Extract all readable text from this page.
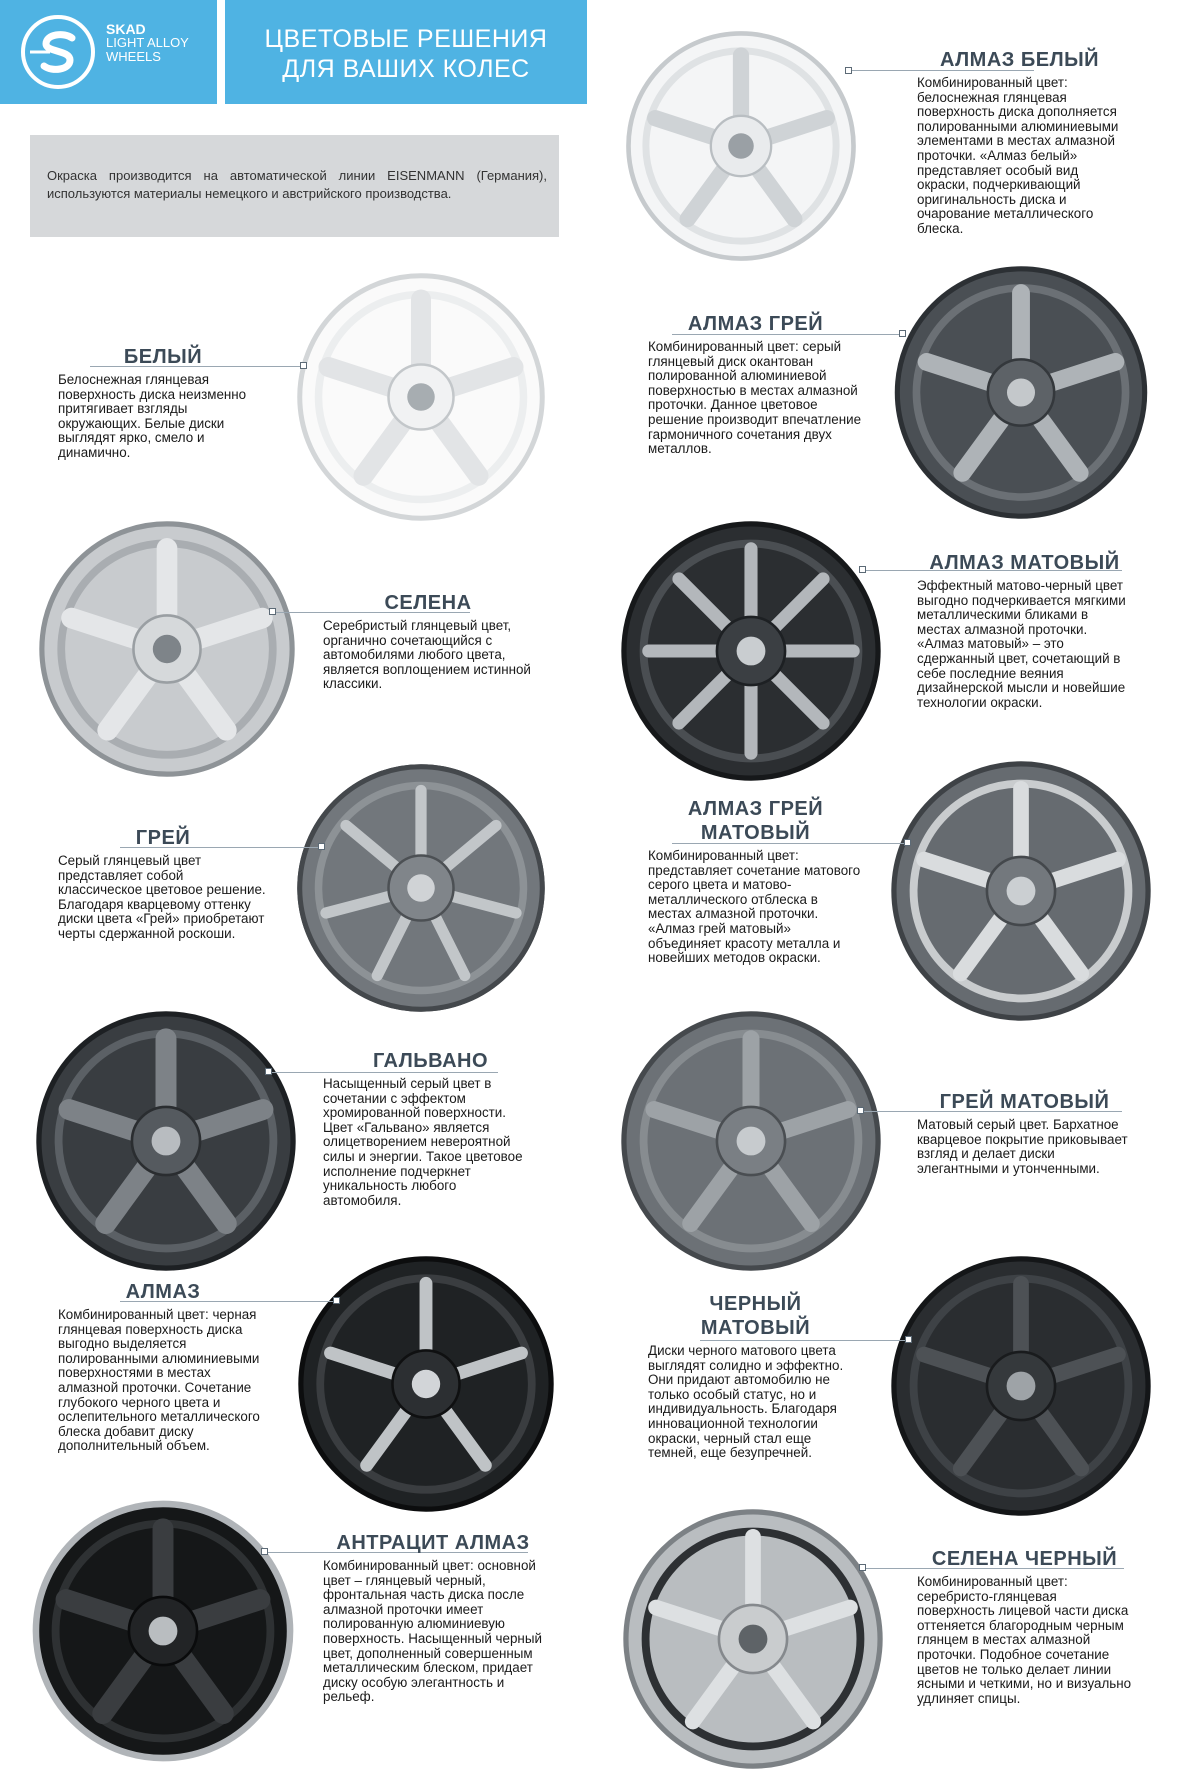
SKAD
LIGHT ALLOY
WHEELS
ЦВЕТОВЫЕ РЕШЕНИЯ
ДЛЯ ВАШИХ КОЛЕС
Окраска производится на автоматической линии EISENMANN (Германия), используются материалы немецкого и австрийского производства.
АЛМАЗ БЕЛЫЙ

Комбинированный цвет: белоснежная глянцевая поверхность диска дополняется полированными алюминиевыми элементами в местах алмазной проточки. «Алмаз белый» представляет особый вид окраски, подчеркивающий оригинальность диска и очарование металлического блеска.

БЕЛЫЙ

Белоснежная глянцевая поверхность диска неизменно притягивает взгляды окружающих. Белые диски выглядят ярко, смело и динамично.

АЛМАЗ ГРЕЙ

Комбинированный цвет: серый глянцевый диск окантован полированной алюминиевой поверхностью в местах алмазной проточки. Данное цветовое решение производит впечатление гармоничного сочетания двух металлов.

СЕЛЕНА

Серебристый глянцевый цвет, органично сочетающийся с автомобилями любого цвета, является воплощением истинной классики.

АЛМАЗ МАТОВЫЙ

Эффектный матово-черный цвет выгодно подчеркивается мягкими металлическими бликами в местах алмазной проточки. «Алмаз матовый» – это сдержанный цвет, сочетающий в себе последние веяния дизайнерской мысли и новейшие технологии окраски.

ГРЕЙ

Серый глянцевый цвет представляет собой классическое цветовое решение. Благодаря кварцевому оттенку диски цвета «Грей» приобретают черты сдержанной роскоши.

АЛМАЗ ГРЕЙ
МАТОВЫЙ

Комбинированный цвет: представляет сочетание матового серого цвета и матово-металлического отблеска в местах алмазной проточки. «Алмаз грей матовый» объединяет красоту металла и новейших методов окраски.

ГАЛЬВАНО

Насыщенный серый цвет в сочетании с эффектом хромированной поверхности. Цвет «Гальвано» является олицетворением невероятной силы и энергии. Такое цветовое исполнение подчеркнет уникальность любого автомобиля.

ГРЕЙ МАТОВЫЙ

Матовый серый цвет. Бархатное кварцевое покрытие приковывает взгляд и делает диски элегантными и утонченными.

АЛМАЗ

Комбинированный цвет: черная глянцевая поверхность диска выгодно выделяется полированными алюминиевыми поверхностями в местах алмазной проточки. Сочетание глубокого черного цвета и ослепительного металлического блеска добавит диску дополнительный объем.

ЧЕРНЫЙ
МАТОВЫЙ

Диски черного матового цвета выглядят солидно и эффектно. Они придают автомобилю не только особый статус, но и индивидуальность. Благодаря инновационной технологии окраски, черный стал еще темней, еще безупречней.

АНТРАЦИТ АЛМАЗ

Комбинированный цвет: основной цвет – глянцевый черный, фронтальная часть диска после алмазной проточки имеет полированную алюминиевую поверхность. Насыщенный черный цвет, дополненный совершенным металлическим блеском, придает диску особую элегантность и рельеф.

СЕЛЕНА ЧЕРНЫЙ

Комбинированный цвет: серебристо-глянцевая поверхность лицевой части диска оттеняется благородным черным глянцем в местах алмазной проточки. Подобное сочетание цветов не только делает линии ясными и четкими, но и визуально удлиняет спицы.
